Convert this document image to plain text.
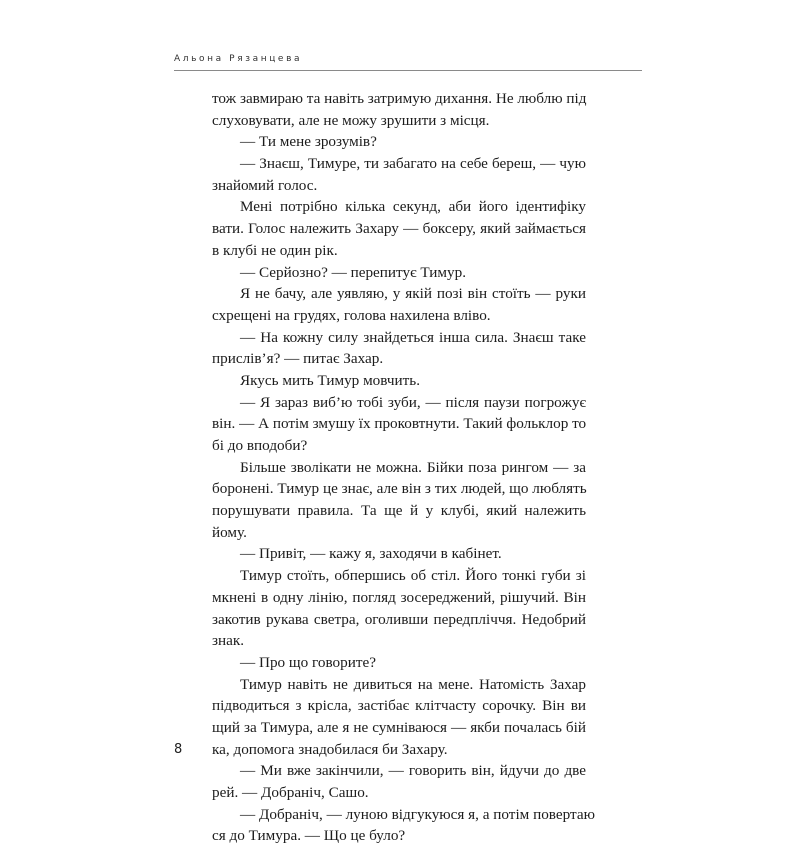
Альона Рязанцева
тож завмираю та навіть затримую дихання. Не люблю під
слуховувати, але не можу зрушити з місця.
— Ти мене зрозумів?
— Знаєш, Тимуре, ти забагато на себе береш, — чую
знайомий голос.
Мені потрібно кілька секунд, аби його ідентифіку
вати. Голос належить Захару — боксеру, який займається
в клубі не один рік.
— Серйозно? — перепитує Тимур.
Я не бачу, але уявляю, у якій позі він стоїть — руки
схрещені на грудях, голова нахилена вліво.
— На кожну силу знайдеться інша сила. Знаєш таке
прислів’я? — питає Захар.
Якусь мить Тимур мовчить.
— Я зараз виб’ю тобі зуби, — після паузи погрожує
він. — А потім змушу їх проковтнути. Такий фольклор то
бі до вподоби?
Більше зволікати не можна. Бійки поза рингом — за
боронені. Тимур це знає, але він з тих людей, що люблять
порушувати правила. Та ще й у клубі, який належить
йому.
— Привіт, — кажу я, заходячи в кабінет.
Тимур стоїть, обпершись об стіл. Його тонкі губи зі
мкнені в одну лінію, погляд зосереджений, рішучий. Він
закотив рукава светра, оголивши передпліччя. Недобрий
знак.
— Про що говорите?
Тимур навіть не дивиться на мене. Натомість Захар
підводиться з крісла, застібає клітчасту сорочку. Він ви
щий за Тимура, але я не сумніваюся — якби почалась бій
ка, допомога знадобилася би Захару.
— Ми вже закінчили, — говорить він, йдучи до две
рей. — Добраніч, Сашо.
— Добраніч, — луною відгукуюся я, а потім повертаю
ся до Тимура. — Що це було?
8
